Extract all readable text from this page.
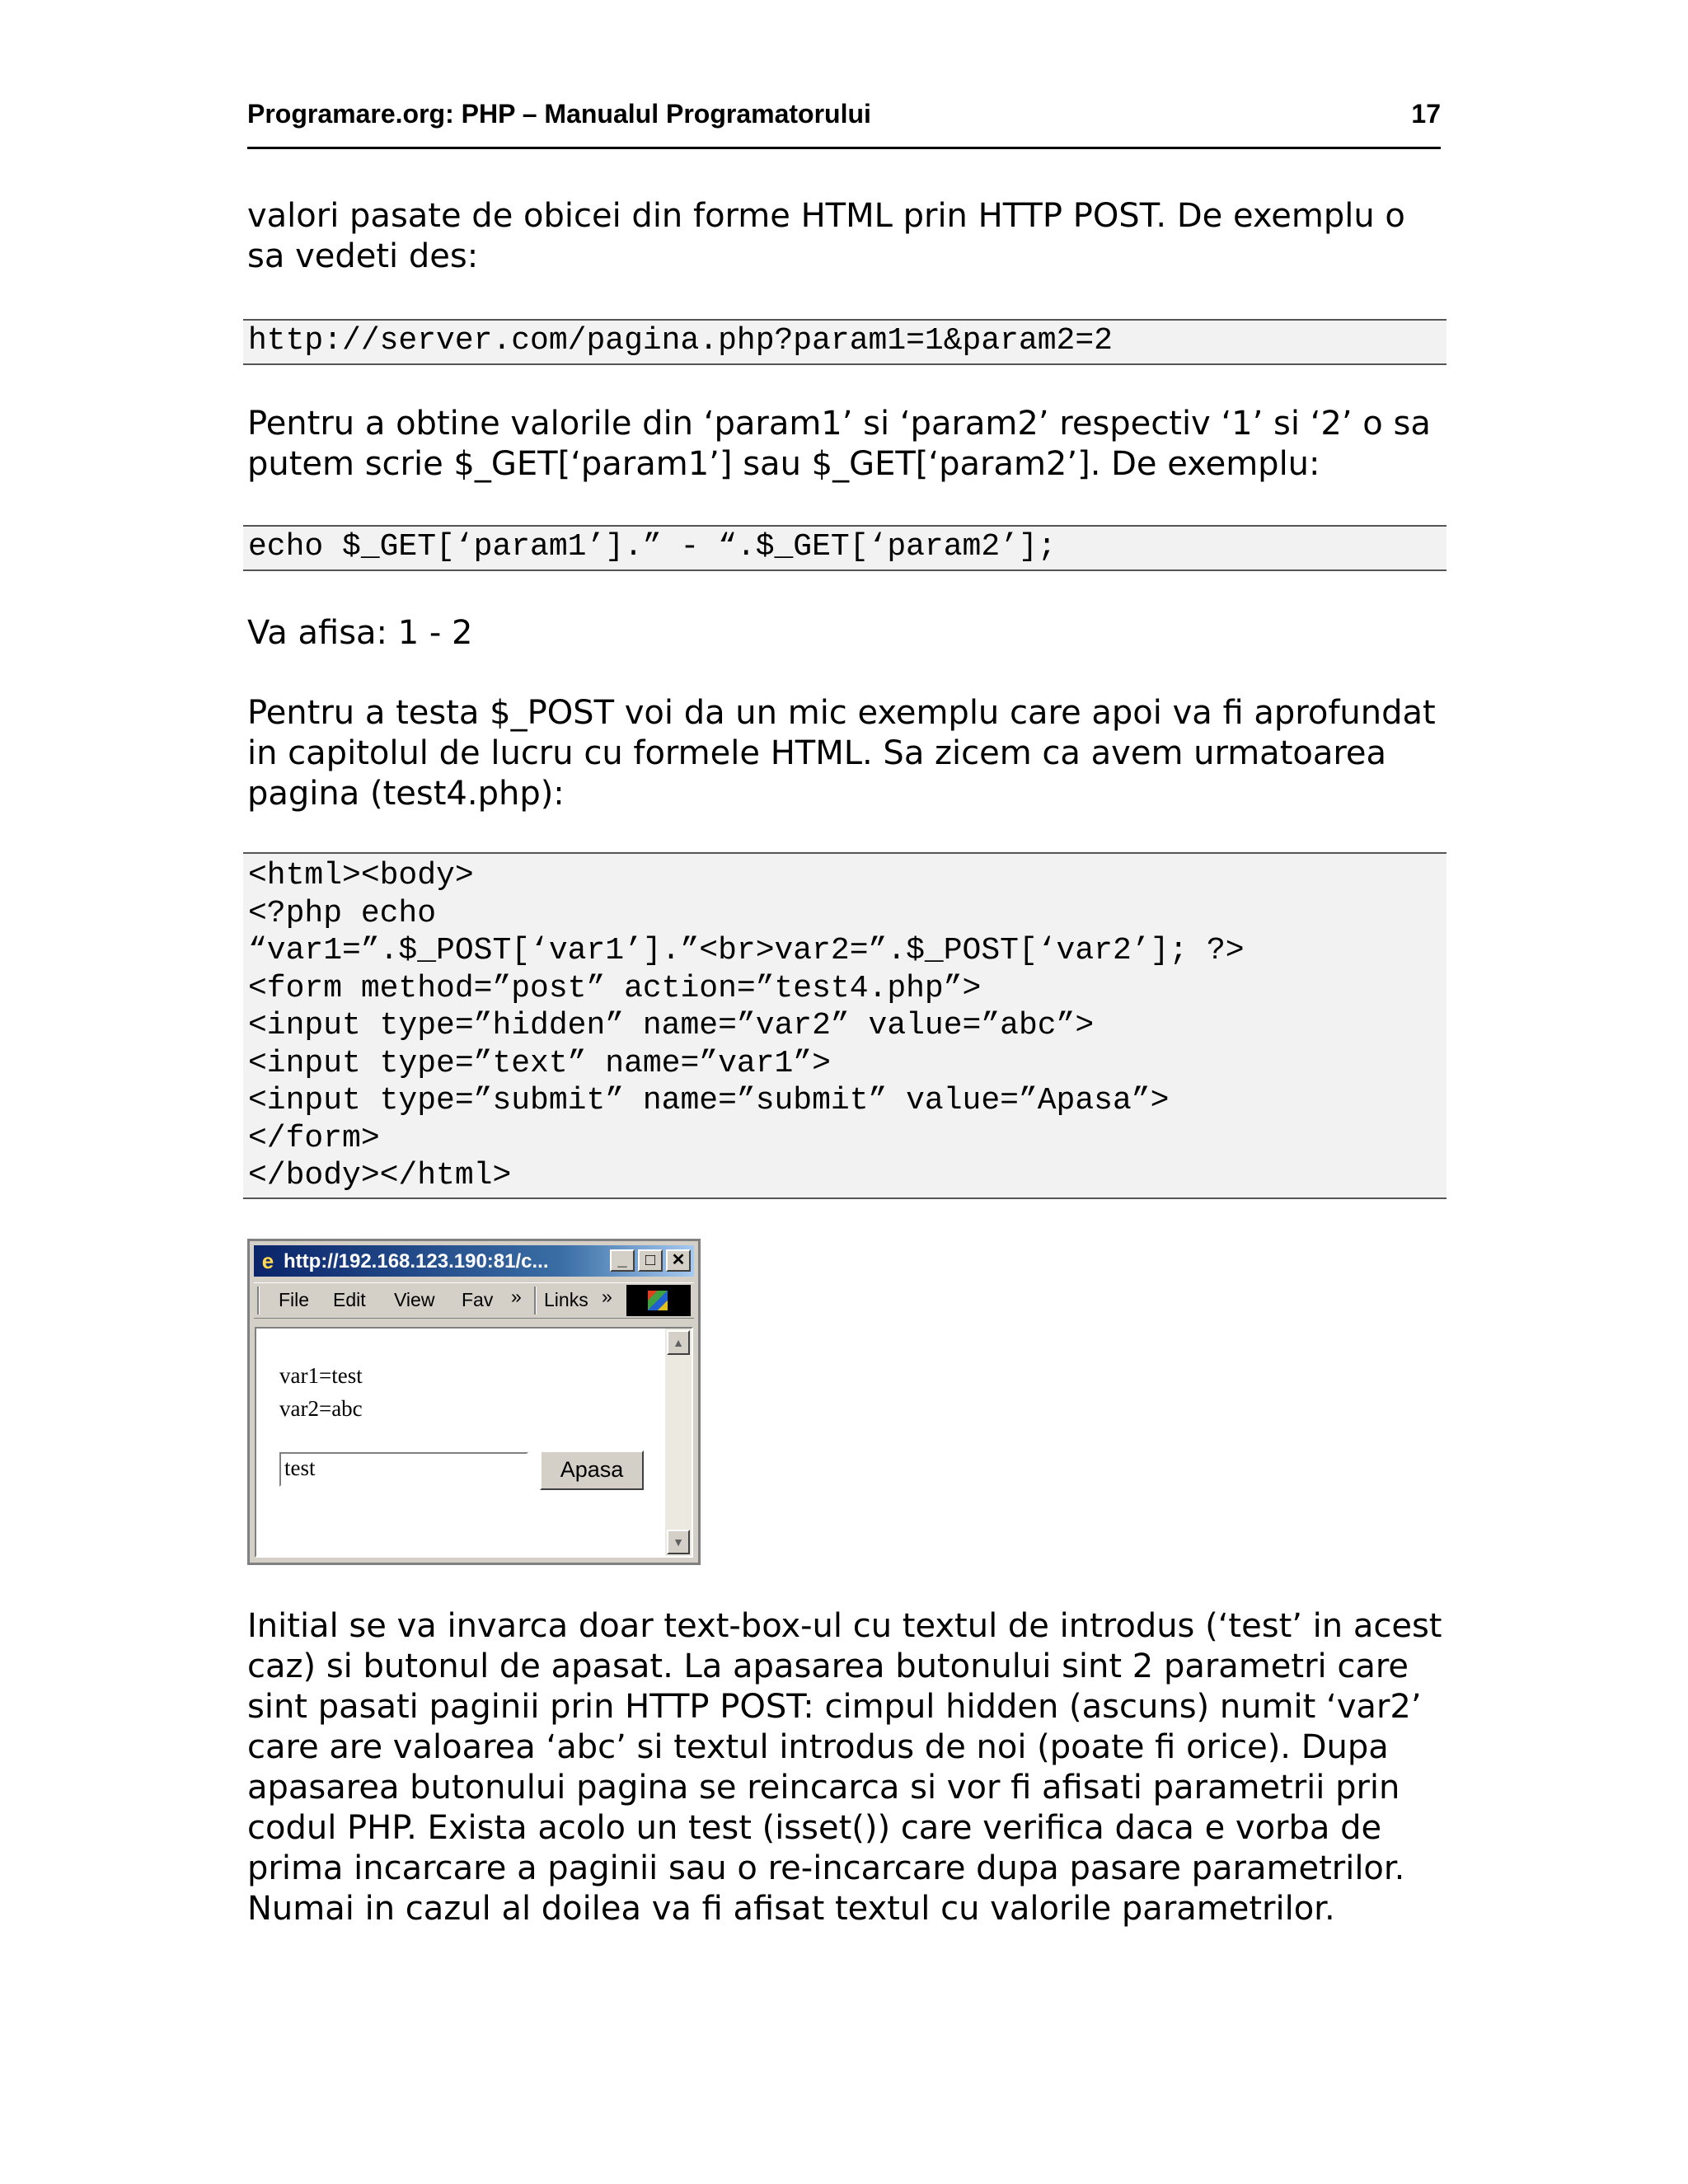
Programare.org: PHP – Manualul Programatorului	17

valori pasate de obicei din forme HTML prin HTTP POST. De exemplu o sa vedeti des:

http://server.com/pagina.php?param1=1&param2=2

Pentru a obtine valorile din ‘param1’ si ‘param2’ respectiv ‘1’ si ‘2’ o sa putem scrie $_GET[‘param1’] sau $_GET[‘param2’]. De exemplu:

echo $_GET[‘param1’].” - “.$_GET[‘param2’];

Va afisa: 1 - 2

Pentru a testa $_POST voi da un mic exemplu care apoi va fi aprofundat in capitolul de lucru cu formele HTML. Sa zicem ca avem urmatoarea pagina (test4.php):

<html><body>
<?php echo
“var1=”.$_POST[‘var1’].”<br>var2=”.$_POST[‘var2’]; ?>
<form method=”post” action=”test4.php”>
<input type=”hidden” name=”var2” value=”abc”>
<input type=”text” name=”var1”>
<input type=”submit” name=”submit” value=”Apasa”>
</form>
</body></html>
e http://192.168.123.190:81/c...	_	□ ✕
File Edit View Fav » Links »
var1=test
var2=abc
test	Apasa
▲
▼

Initial se va invarca doar text-box-ul cu textul de introdus (‘test’ in acest caz) si butonul de apasat. La apasarea butonului sint 2 parametri care sint pasati paginii prin HTTP POST: cimpul hidden (ascuns) numit ‘var2’ care are valoarea ‘abc’ si textul introdus de noi (poate fi orice). Dupa apasarea butonului pagina se reincarca si vor fi afisati parametrii prin codul PHP. Exista acolo un test (isset()) care verifica daca e vorba de prima incarcare a paginii sau o re-incarcare dupa pasare parametrilor. Numai in cazul al doilea va fi afisat textul cu valorile parametrilor.
